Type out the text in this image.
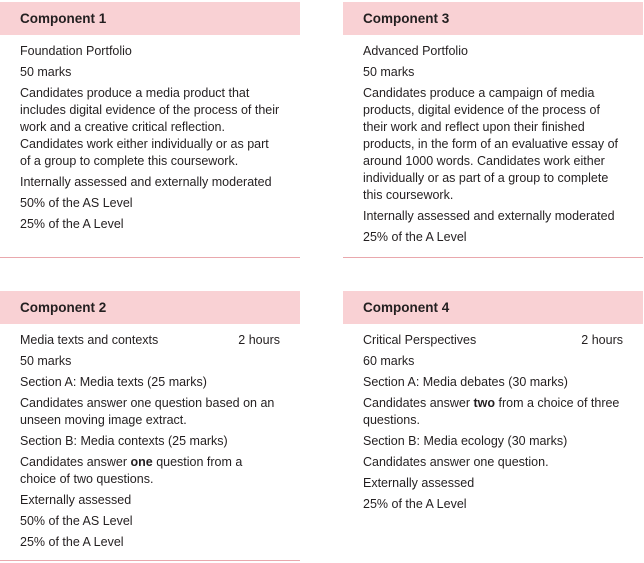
Component 1
Foundation Portfolio
50 marks
Candidates produce a media product that includes digital evidence of the process of their work and a creative critical reflection. Candidates work either individually or as part of a group to complete this coursework.
Internally assessed and externally moderated
50% of the AS Level
25% of the A Level
Component 3
Advanced Portfolio
50 marks
Candidates produce a campaign of media products, digital evidence of the process of their work and reflect upon their finished products, in the form of an evaluative essay of around 1000 words. Candidates work either individually or as part of a group to complete this coursework.
Internally assessed and externally moderated
25% of the A Level
Component 2
Media texts and contexts	2 hours
50 marks
Section A: Media texts (25 marks)
Candidates answer one question based on an unseen moving image extract.
Section B: Media contexts (25 marks)
Candidates answer one question from a choice of two questions.
Externally assessed
50% of the AS Level
25% of the A Level
Component 4
Critical Perspectives	2 hours
60 marks
Section A: Media debates (30 marks)
Candidates answer two from a choice of three questions.
Section B: Media ecology (30 marks)
Candidates answer one question.
Externally assessed
25% of the A Level
